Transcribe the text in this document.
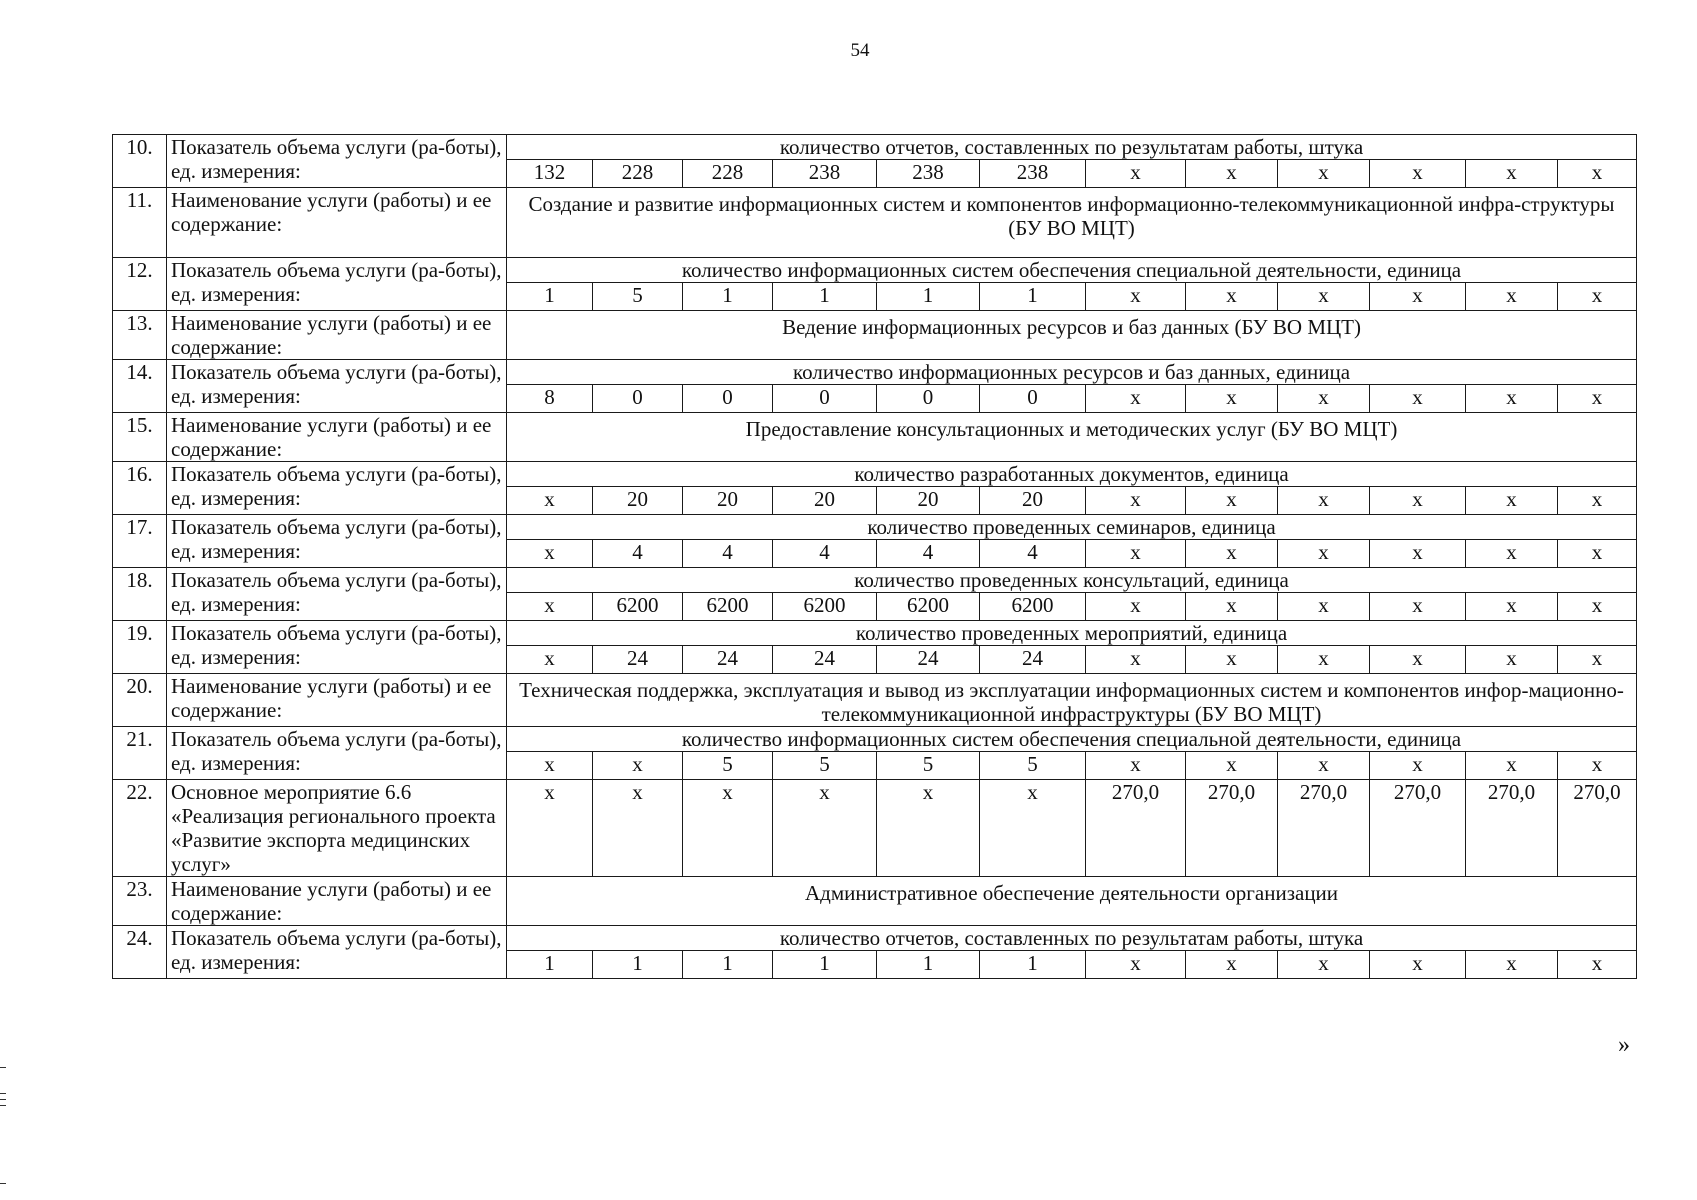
54
10.	Показатель объема услуги (ра-боты), ед. измерения:	количество отчетов, составленных по результатам работы, штука											
		132	228	228	238	238	238	x	x	x	x	x	x
11.	Наименование услуги (работы) и ее содержание:	Создание и развитие информационных систем и компонентов информационно-телекоммуникационной инфра-структуры (БУ ВО МЦТ)											
12.	Показатель объема услуги (ра-боты), ед. измерения:	количество информационных систем обеспечения специальной деятельности, единица											
		1	5	1	1	1	1	x	x	x	x	x	x
13.	Наименование услуги (работы) и ее содержание:	Ведение информационных ресурсов и баз данных (БУ ВО МЦТ)											
14.	Показатель объема услуги (ра-боты), ед. измерения:	количество информационных ресурсов и баз данных, единица											
		8	0	0	0	0	0	x	x	x	x	x	x
15.	Наименование услуги (работы) и ее содержание:	Предоставление консультационных и методических услуг (БУ ВО МЦТ)											
16.	Показатель объема услуги (ра-боты), ед. измерения:	количество разработанных документов, единица											
		x	20	20	20	20	20	x	x	x	x	x	x
17.	Показатель объема услуги (ра-боты), ед. измерения:	количество проведенных семинаров, единица											
		x	4	4	4	4	4	x	x	x	x	x	x
18.	Показатель объема услуги (ра-боты), ед. измерения:	количество проведенных консультаций, единица											
		x	6200	6200	6200	6200	6200	x	x	x	x	x	x
19.	Показатель объема услуги (ра-боты), ед. измерения:	количество проведенных мероприятий, единица											
		x	24	24	24	24	24	x	x	x	x	x	x
20.	Наименование услуги (работы) и ее содержание:	Техническая поддержка, эксплуатация и вывод из эксплуатации информационных систем и компонентов инфор-мационно-телекоммуникационной инфраструктуры (БУ ВО МЦТ)											
21.	Показатель объема услуги (ра-боты), ед. измерения:	количество информационных систем обеспечения специальной деятельности, единица											
		x	x	5	5	5	5	x	x	x	x	x	x
22.	Основное мероприятие 6.6 «Реализация регионального проекта «Развитие экспорта медицинских услуг»	x	x	x	x	x	x	270,0	270,0	270,0	270,0	270,0	270,0
23.	Наименование услуги (работы) и ее содержание:	Административное обеспечение деятельности организации											
24.	Показатель объема услуги (ра-боты), ед. измерения:	количество отчетов, составленных по результатам работы, штука											
		1	1	1	1	1	1	x	x	x	x	x	x
»
